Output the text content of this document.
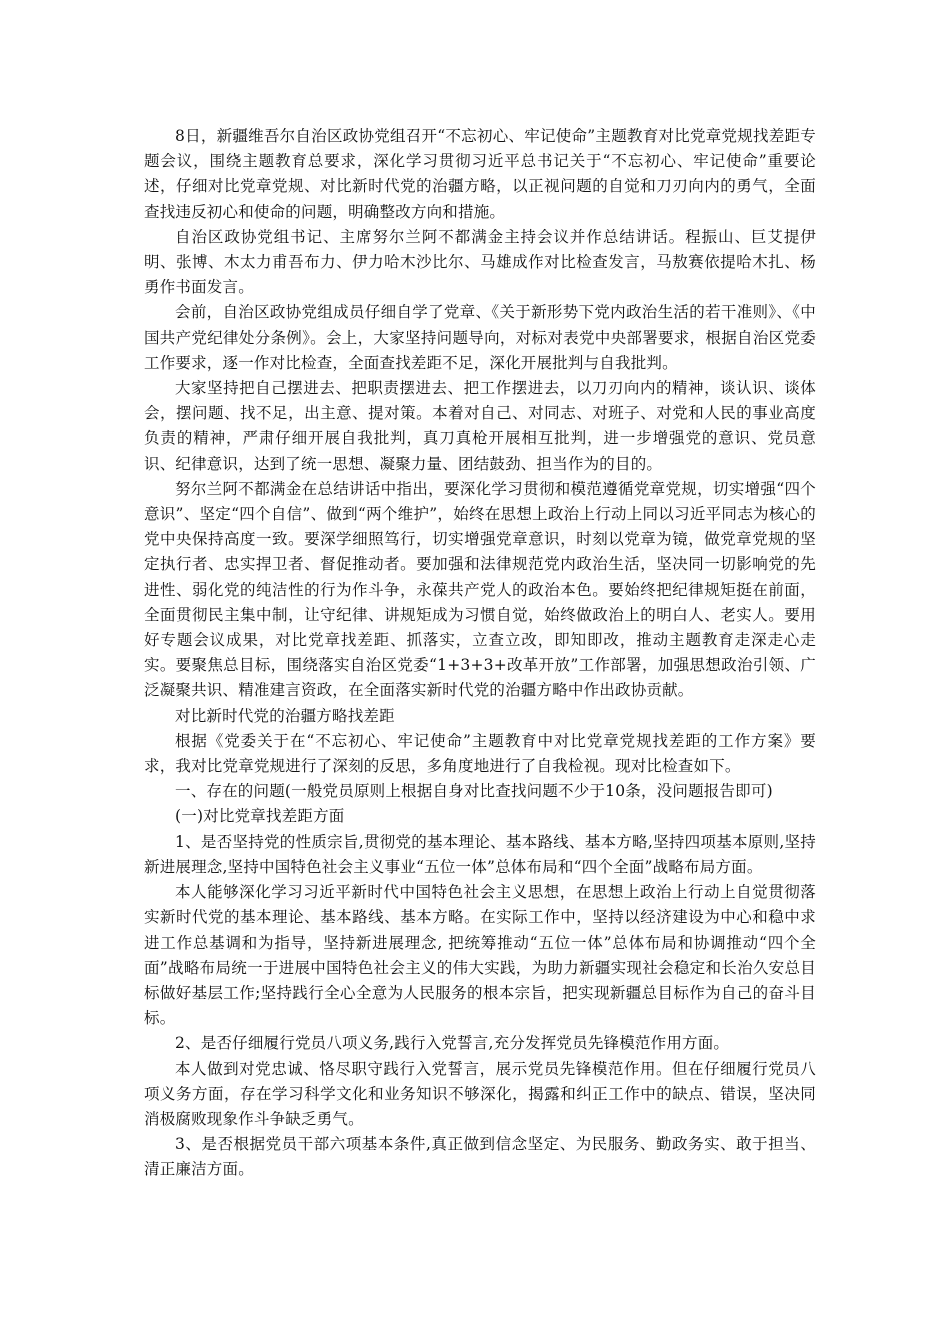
8日，新疆维吾尔自治区政协党组召开“不忘初心、牢记使命”主题教育对比党章党规找差距专题会议，围绕主题教育总要求，深化学习贯彻习近平总书记关于“不忘初心、牢记使命”重要论述，仔细对比党章党规、对比新时代党的治疆方略，以正视问题的自觉和刀刃向内的勇气，全面查找违反初心和使命的问题，明确整改方向和措施。

自治区政协党组书记、主席努尔兰阿不都满金主持会议并作总结讲话。程振山、巨艾提伊明、张博、木太力甫吾布力、伊力哈木沙比尔、马雄成作对比检查发言，马敖赛依提哈木扎、杨勇作书面发言。

会前，自治区政协党组成员仔细自学了党章、《关于新形势下党内政治生活的若干准则》、《中国共产党纪律处分条例》。会上，大家坚持问题导向，对标对表党中央部署要求，根据自治区党委工作要求，逐一作对比检查，全面查找差距不足，深化开展批判与自我批判。

大家坚持把自己摆进去、把职责摆进去、把工作摆进去，以刀刃向内的精神，谈认识、谈体会，摆问题、找不足，出主意、提对策。本着对自己、对同志、对班子、对党和人民的事业高度负责的精神，严肃仔细开展自我批判，真刀真枪开展相互批判，进一步增强党的意识、党员意识、纪律意识，达到了统一思想、凝聚力量、团结鼓劲、担当作为的目的。

努尔兰阿不都满金在总结讲话中指出，要深化学习贯彻和模范遵循党章党规，切实增强“四个意识”、坚定“四个自信”、做到“两个维护”，始终在思想上政治上行动上同以习近平同志为核心的党中央保持高度一致。要深学细照笃行，切实增强党章意识，时刻以党章为镜，做党章党规的坚定执行者、忠实捍卫者、督促推动者。要加强和法律规范党内政治生活，坚决同一切影响党的先进性、弱化党的纯洁性的行为作斗争，永葆共产党人的政治本色。要始终把纪律规矩挺在前面，全面贯彻民主集中制，让守纪律、讲规矩成为习惯自觉，始终做政治上的明白人、老实人。要用好专题会议成果，对比党章找差距、抓落实，立查立改，即知即改，推动主题教育走深走心走实。要聚焦总目标，围绕落实自治区党委“1+3+3+改革开放”工作部署，加强思想政治引领、广泛凝聚共识、精准建言资政，在全面落实新时代党的治疆方略中作出政协贡献。

对比新时代党的治疆方略找差距

根据《党委关于在“不忘初心、牢记使命”主题教育中对比党章党规找差距的工作方案》要求，我对比党章党规进行了深刻的反思，多角度地进行了自我检视。现对比检查如下。

一、存在的问题(一般党员原则上根据自身对比查找问题不少于10条，没问题报告即可)

(一)对比党章找差距方面

1、是否坚持党的性质宗旨,贯彻党的基本理论、基本路线、基本方略,坚持四项基本原则,坚持新进展理念,坚持中国特色社会主义事业“五位一体”总体布局和“四个全面”战略布局方面。

本人能够深化学习习近平新时代中国特色社会主义思想，在思想上政治上行动上自觉贯彻落实新时代党的基本理论、基本路线、基本方略。在实际工作中，坚持以经济建设为中心和稳中求进工作总基调和为指导，坚持新进展理念, 把统筹推动“五位一体”总体布局和协调推动“四个全面”战略布局统一于进展中国特色社会主义的伟大实践，为助力新疆实现社会稳定和长治久安总目标做好基层工作;坚持践行全心全意为人民服务的根本宗旨，把实现新疆总目标作为自己的奋斗目标。

2、是否仔细履行党员八项义务,践行入党誓言,充分发挥党员先锋模范作用方面。

本人做到对党忠诚、恪尽职守践行入党誓言，展示党员先锋模范作用。但在仔细履行党员八项义务方面，存在学习科学文化和业务知识不够深化，揭露和纠正工作中的缺点、错误，坚决同消极腐败现象作斗争缺乏勇气。

3、是否根据党员干部六项基本条件,真正做到信念坚定、为民服务、勤政务实、敢于担当、清正廉洁方面。
